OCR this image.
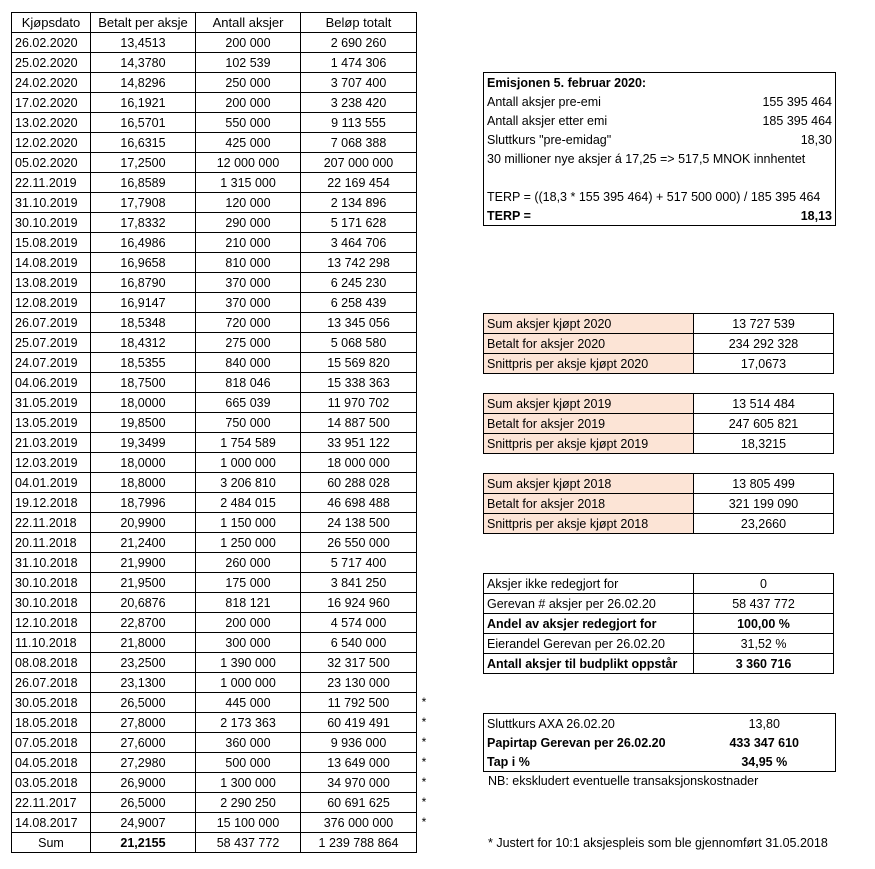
Kjøpsdato	Betalt per aksje	Antall aksjer	Beløp totalt
26.02.2020	13,4513	200 000	2 690 260
25.02.2020	14,3780	102 539	1 474 306
24.02.2020	14,8296	250 000	3 707 400
17.02.2020	16,1921	200 000	3 238 420
13.02.2020	16,5701	550 000	9 113 555
12.02.2020	16,6315	425 000	7 068 388
05.02.2020	17,2500	12 000 000	207 000 000
22.11.2019	16,8589	1 315 000	22 169 454
31.10.2019	17,7908	120 000	2 134 896
30.10.2019	17,8332	290 000	5 171 628
15.08.2019	16,4986	210 000	3 464 706
14.08.2019	16,9658	810 000	13 742 298
13.08.2019	16,8790	370 000	6 245 230
12.08.2019	16,9147	370 000	6 258 439
26.07.2019	18,5348	720 000	13 345 056
25.07.2019	18,4312	275 000	5 068 580
24.07.2019	18,5355	840 000	15 569 820
04.06.2019	18,7500	818 046	15 338 363
31.05.2019	18,0000	665 039	11 970 702
13.05.2019	19,8500	750 000	14 887 500
21.03.2019	19,3499	1 754 589	33 951 122
12.03.2019	18,0000	1 000 000	18 000 000
04.01.2019	18,8000	3 206 810	60 288 028
19.12.2018	18,7996	2 484 015	46 698 488
22.11.2018	20,9900	1 150 000	24 138 500
20.11.2018	21,2400	1 250 000	26 550 000
31.10.2018	21,9900	260 000	5 717 400
30.10.2018	21,9500	175 000	3 841 250
30.10.2018	20,6876	818 121	16 924 960
12.10.2018	22,8700	200 000	4 574 000
11.10.2018	21,8000	300 000	6 540 000
08.08.2018	23,2500	1 390 000	32 317 500
26.07.2018	23,1300	1 000 000	23 130 000
30.05.2018	26,5000	445 000	11 792 500
18.05.2018	27,8000	2 173 363	60 419 491
07.05.2018	27,6000	360 000	9 936 000
04.05.2018	27,2980	500 000	13 649 000
03.05.2018	26,9000	1 300 000	34 970 000
22.11.2017	26,5000	2 290 250	60 691 625
14.08.2017	24,9007	15 100 000	376 000 000
Sum	21,2155	58 437 772	1 239 788 864
*
*
*
*
*
*
*
Emisjonen 5. februar 2020:	
Antall aksjer pre-emi	155 395 464
Antall aksjer etter emi	185 395 464
Sluttkurs "pre-emidag"	18,30
30 millioner nye aksjer á 17,25 => 517,5 MNOK innhentet	

TERP = ((18,3 * 155 395 464) + 517 500 000) / 185 395 464	
TERP =	18,13
Sum aksjer kjøpt 2020	13 727 539
Betalt for aksjer 2020	234 292 328
Snittpris per aksje kjøpt 2020	17,0673
Sum aksjer kjøpt 2019	13 514 484
Betalt for aksjer 2019	247 605 821
Snittpris per aksje kjøpt 2019	18,3215
Sum aksjer kjøpt 2018	13 805 499
Betalt for aksjer 2018	321 199 090
Snittpris per aksje kjøpt 2018	23,2660
Aksjer ikke redegjort for	0
Gerevan # aksjer per 26.02.20	58 437 772
Andel av aksjer redegjort for	100,00 %
Eierandel Gerevan per 26.02.20	31,52 %
Antall aksjer til budplikt oppstår	3 360 716
Sluttkurs AXA 26.02.20	13,80
Papirtap Gerevan per 26.02.20	433 347 610
Tap i %	34,95 %
NB: ekskludert eventuelle transaksjonskostnader
* Justert for 10:1 aksjespleis som ble gjennomført 31.05.2018
